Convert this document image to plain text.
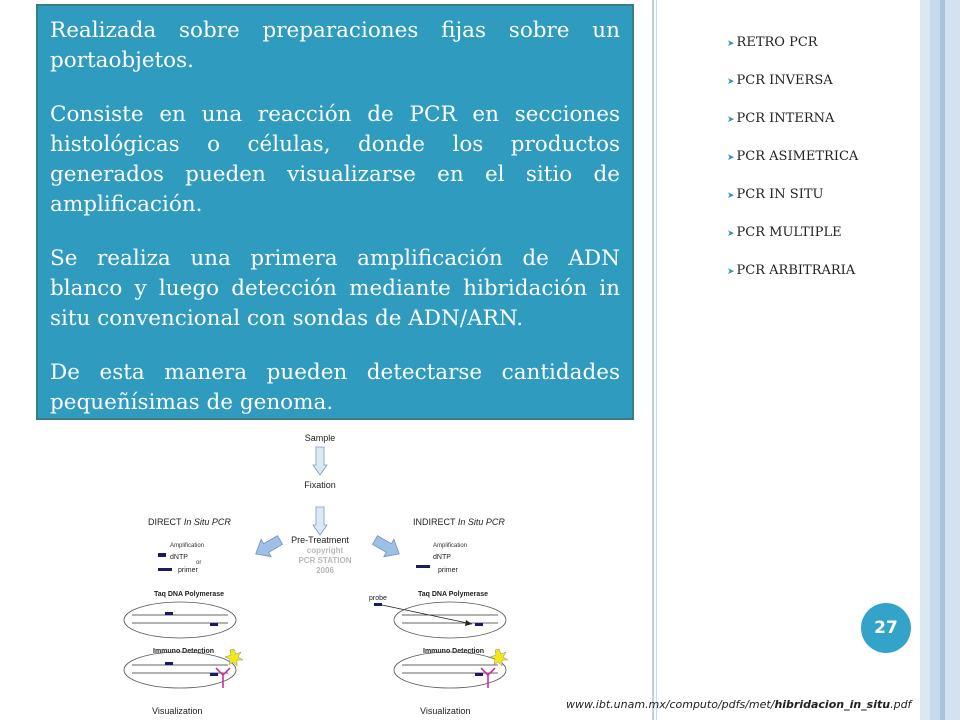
Realizada sobre preparaciones fijas sobre un portaobjetos.

Consiste en una reacción de PCR en secciones histológicas o células, donde los productos generados pueden visualizarse en el sitio de amplificación.

Se realiza una primera amplificación de ADN blanco y luego detección mediante hibridación in situ convencional con sondas de ADN/ARN.

De esta manera pueden detectarse cantidades pequeñísimas de genoma.

➤ RETRO PCR
➤ PCR INVERSA
➤ PCR INTERNA
➤ PCR ASIMETRICA
➤ PCR IN SITU
➤ PCR MULTIPLE
➤ PCR ARBITRARIA
27
www.ibt.unam.mx/computo/pdfs/met/hibridacion_in_situ.pdf
Sample
Fixation
Pre-Treatment
copyright
PCR STATION
2006
DIRECT In Situ PCR
Amplification
dNTP
or
primer
Taq DNA Polymerase
Immuno Detection
Visualization
INDIRECT In Situ PCR
Amplification
dNTP
primer
Taq DNA Polymerase
probe
Immuno Detection
Visualization
